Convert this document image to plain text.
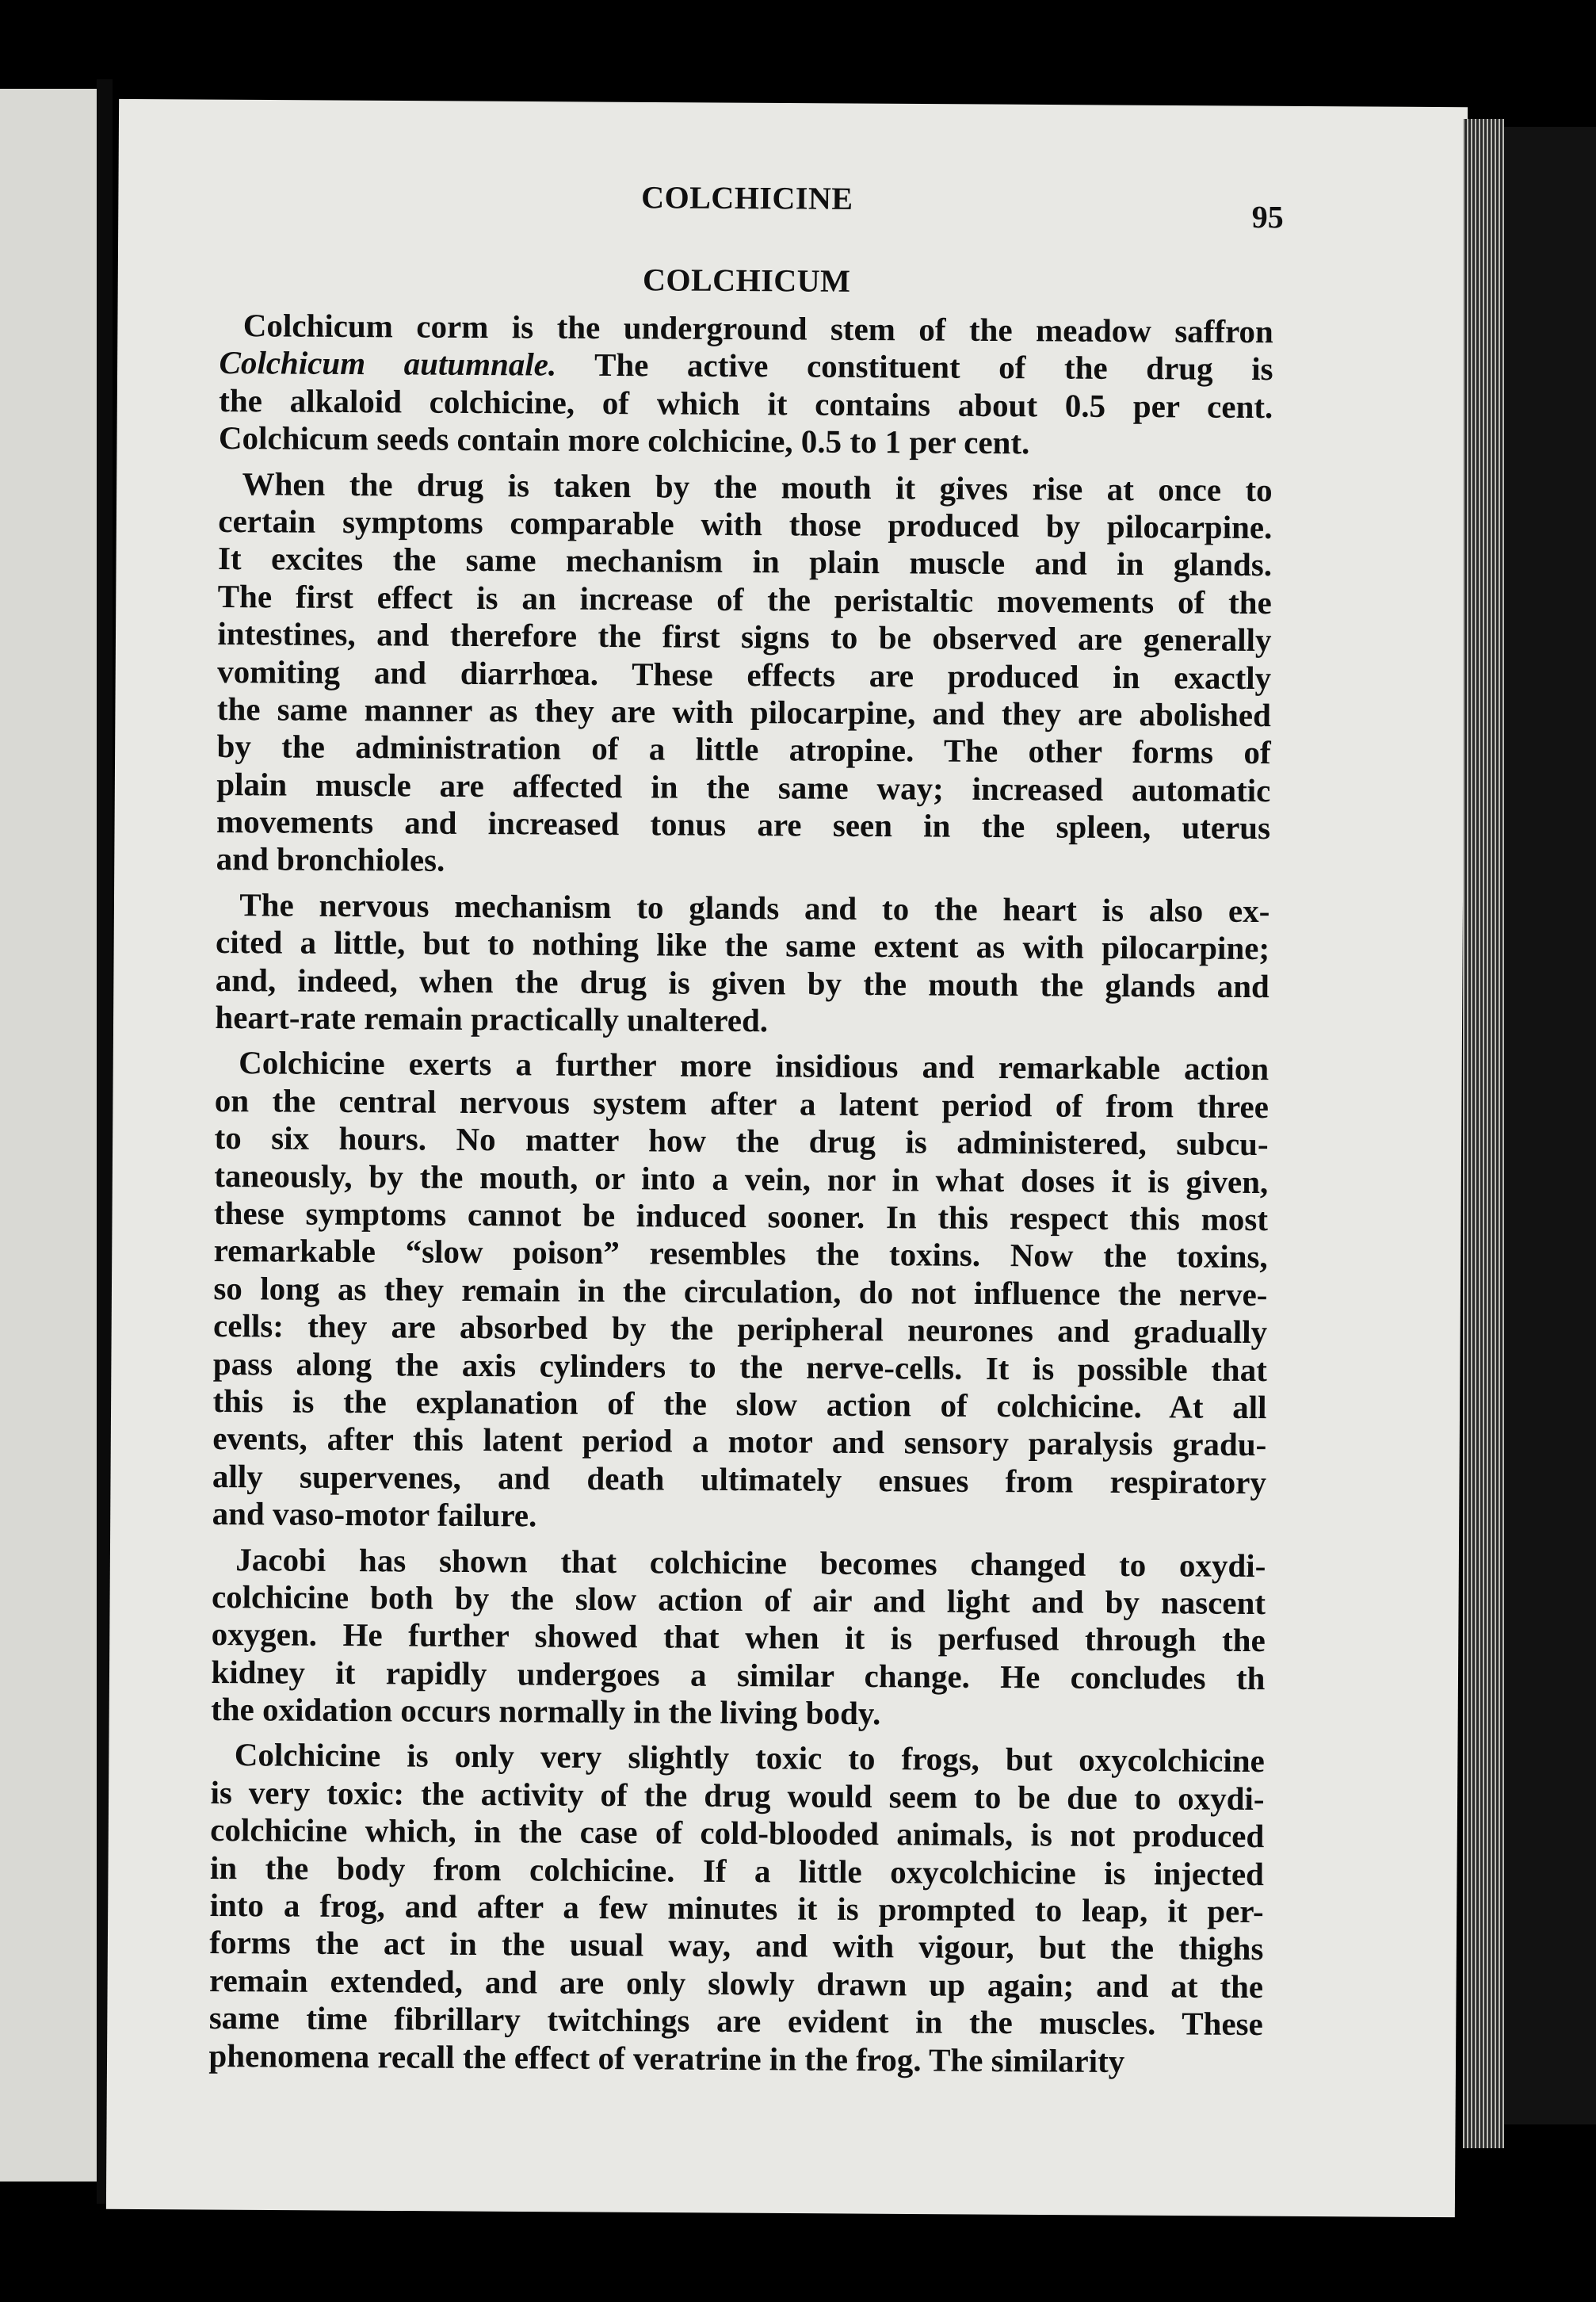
COLCHICINE
95
COLCHICUM
Colchicum corm is the underground stem of the meadow saffron
Colchicum autumnale. The active constituent of the drug is
the alkaloid colchicine, of which it contains about 0.5 per cent.
Colchicum seeds contain more colchicine, 0.5 to 1 per cent.
When the drug is taken by the mouth it gives rise at once to
certain symptoms comparable with those produced by pilocarpine.
It excites the same mechanism in plain muscle and in glands.
The first effect is an increase of the peristaltic movements of the
intestines, and therefore the first signs to be observed are generally
vomiting and diarrhœa. These effects are produced in exactly
the same manner as they are with pilocarpine, and they are abolished
by the administration of a little atropine. The other forms of
plain muscle are affected in the same way; increased automatic
movements and increased tonus are seen in the spleen, uterus
and bronchioles.
The nervous mechanism to glands and to the heart is also ex-
cited a little, but to nothing like the same extent as with pilocarpine;
and, indeed, when the drug is given by the mouth the glands and
heart-rate remain practically unaltered.
Colchicine exerts a further more insidious and remarkable action
on the central nervous system after a latent period of from three
to six hours. No matter how the drug is administered, subcu-
taneously, by the mouth, or into a vein, nor in what doses it is given,
these symptoms cannot be induced sooner. In this respect this most
remarkable “slow poison” resembles the toxins. Now the toxins,
so long as they remain in the circulation, do not influence the nerve-
cells: they are absorbed by the peripheral neurones and gradually
pass along the axis cylinders to the nerve-cells. It is possible that
this is the explanation of the slow action of colchicine. At all
events, after this latent period a motor and sensory paralysis gradu-
ally supervenes, and death ultimately ensues from respiratory
and vaso-motor failure.
Jacobi has shown that colchicine becomes changed to oxydi-
colchicine both by the slow action of air and light and by nascent
oxygen. He further showed that when it is perfused through the
kidney it rapidly undergoes a similar change. He concludes th
the oxidation occurs normally in the living body.
Colchicine is only very slightly toxic to frogs, but oxycolchicine
is very toxic: the activity of the drug would seem to be due to oxydi-
colchicine which, in the case of cold-blooded animals, is not produced
in the body from colchicine. If a little oxycolchicine is injected
into a frog, and after a few minutes it is prompted to leap, it per-
forms the act in the usual way, and with vigour, but the thighs
remain extended, and are only slowly drawn up again; and at the
same time fibrillary twitchings are evident in the muscles. These
phenomena recall the effect of veratrine in the frog. The similarity
